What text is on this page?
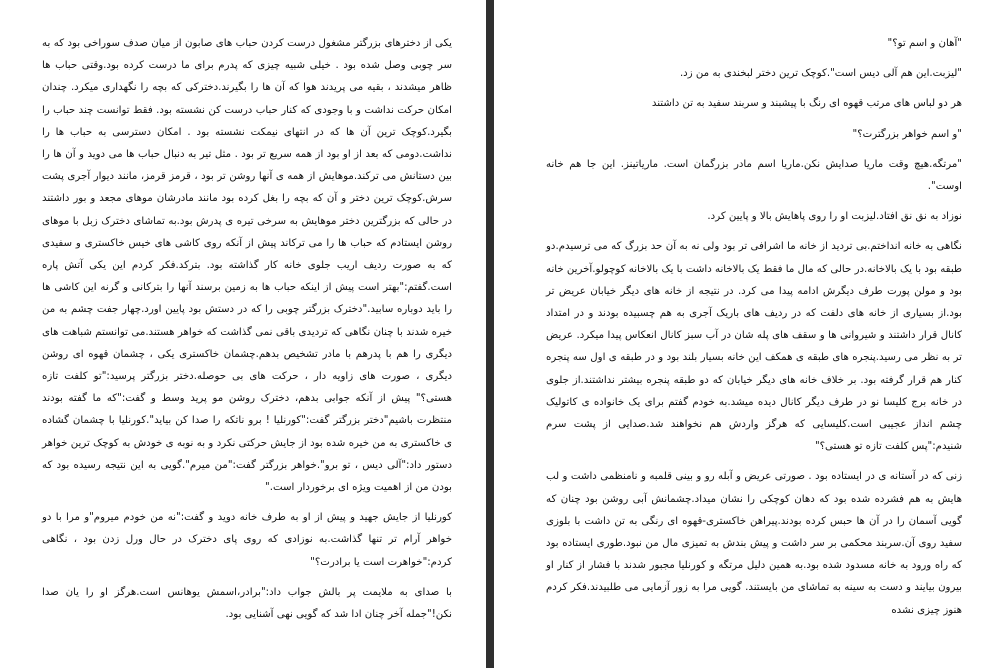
یکی از دخترهای بزرگتر مشغول درست کردن حباب های صابون از میان صدف سوراخی بود که به سر چوبی وصل شده بود . خیلی شبیه چیزی که پدرم برای ما درست کرده بود.وقتی حباب ها ظاهر میشدند ، بقیه می پریدند هوا که آن ها را بگیرند.دخترکی که بچه را نگهداری میکرد. چندان امکان حرکت نداشت و با وجودی که کنار حباب درست کن نشسته بود. فقط توانست چند حباب را بگیرد.کوچک ترین آن ها که در انتهای نیمکت نشسته بود . امکان دسترسی به حباب ها را نداشت.دومی که بعد از او بود از همه سریع تر بود . مثل تیر به دنبال حباب ها می دوید و آن ها را بین دستانش می ترکند.موهایش از همه ی آنها روشن تر بود ، قرمز قرمز، مانند دیوار آجری پشت سرش.کوچک ترین دختر و آن که بچه را بغل کرده بود مانند مادرشان موهای مجعد و بور داشتند در حالی که بزرگترین دختر موهایش به سرخی تیره ی پدرش بود.به تماشای دخترک زبل با موهای روشن ایستادم که حباب ها را می ترکاند پیش از آنکه روی کاشی های خیس خاکستری و سفیدی که به صورت ردیف اریب جلوی خانه کار گذاشته بود. بترکد.فکر کردم این یکی آتش پاره است.گفتم:"بهتر است پیش از اینکه حباب ها به زمین برسند آنها را بترکانی و گرنه این کاشی ها را باید دوباره سابید."دخترک بزرگتر چوبی را که در دستش بود پایین اورد.چهار جفت چشم به من خیره شدند با چنان نگاهی که تردیدی باقی نمی گذاشت که خواهر هستند.می توانستم شباهت های دیگری را هم با پدرهم با مادر تشخیص بدهم.چشمان خاکستری یکی ، چشمان قهوه ای روشن دیگری ، صورت های زاویه دار ، حرکت های بی حوصله.دختر بزرگتر پرسید:"تو کلفت تازه هستی؟" پیش از آنکه جوابی بدهم، دخترک روشن مو پرید وسط و گفت:"که ما گفته بودند منتظرت باشیم"دختر بزرگتر گفت:"کورنلیا ! برو ناتکه را صدا کن بیاید".کورنلیا با چشمان گشاده ی خاکستری به من خیره شده بود از جایش حرکتی نکرد و به نوبه ی خودش به کوچک ترین خواهر دستور داد:"آلی دیس ، تو برو".خواهر بزرگتر گفت:"من میرم".گویی به این نتیجه رسیده بود که بودن من از اهمیت ویژه ای برخوردار است."

کورنلیا از جایش جهید و پیش از او به طرف خانه دوید و گفت:"نه من خودم میروم"و مرا با دو خواهر آرام تر تنها گذاشت.به نوزادی که روی پای دخترک در حال ورل زدن بود ، نگاهی کردم:"خواهرت است یا برادرت؟"

با صدای به ملایمت پر بالش جواب داد:"برادر،اسمش یوهانس است.هرگز او را یان صدا نکن!"جمله آخر چنان ادا شد که گویی نهی آشنایی بود.

"آهان و اسم تو؟"

"لیزبت.این هم آلی دیس است".کوچک ترین دختر لبخندی به من زد.

هر دو لباس های مرتب قهوه ای رنگ با پیشبند و سربند سفید به تن داشتند

"و اسم خواهر بزرگترت؟"

"مرتگه.هیچ وقت ماریا صدایش نکن.ماریا اسم مادر بزرگمان است. ماریاتینز. این جا هم خانه اوست".

نوزاد به نق نق افتاد.لیزبت او را روی پاهایش بالا و پایین کرد.

نگاهی به خانه انداختم.بی تردید از خانه ما اشرافی تر بود ولی نه به آن حد بزرگ که می ترسیدم.دو طبقه بود با یک بالاخانه.در حالی که مال ما فقط یک بالاخانه داشت با یک بالاخانه کوچولو.آخرین خانه بود و مولن پورت طرف دیگرش ادامه پیدا می کرد. در نتیجه از خانه های دیگر خیابان عریض تر بود.از بسیاری از خانه های دلفت که در ردیف های باریک آجری به هم چسبیده بودند و در امتداد کانال قرار داشتند و شیروانی ها و سقف های پله شان در آب سبز کانال انعکاس پیدا میکرد. عریض تر به نظر می رسید.پنجره های طبقه ی همکف این خانه بسیار بلند بود و در طبقه ی اول سه پنجره کنار هم قرار گرفته بود. بر خلاف خانه های دیگر خیابان که دو طبقه پنجره بیشتر نداشتند.از جلوی در خانه برج کلیسا نو در طرف دیگر کانال دیده میشد.به خودم گفتم برای یک خانواده ی کاتولیک چشم انداز عجیبی است.کلیسایی که هرگز واردش هم نخواهند شد.صدایی از پشت سرم شنیدم:"پس کلفت تازه تو هستی؟"

زنی که در آستانه ی در ایستاده بود . صورتی عریض و آبله رو و بینی قلمبه و نامنظمی داشت و لب هایش به هم فشرده شده بود که دهان کوچکی را نشان میداد.چشمانش آبی روشن بود چنان که گویی آسمان را در آن ها حبس کرده بودند.پیراهن خاکستری-قهوه ای رنگی به تن داشت با بلوزی سفید روی آن.سربند محکمی بر سر داشت و پیش بندش به تمیزی مال من نبود.طوری ایستاده بود که راه ورود به خانه مسدود شده بود.به همین دلیل مرتگه و کورنلیا مجبور شدند با فشار از کنار او بیرون بیایند و دست به سینه به تماشای من بایستند. گویی مرا به زور آزمایی می طلبیدند.فکر کردم هنوز چیزی نشده
